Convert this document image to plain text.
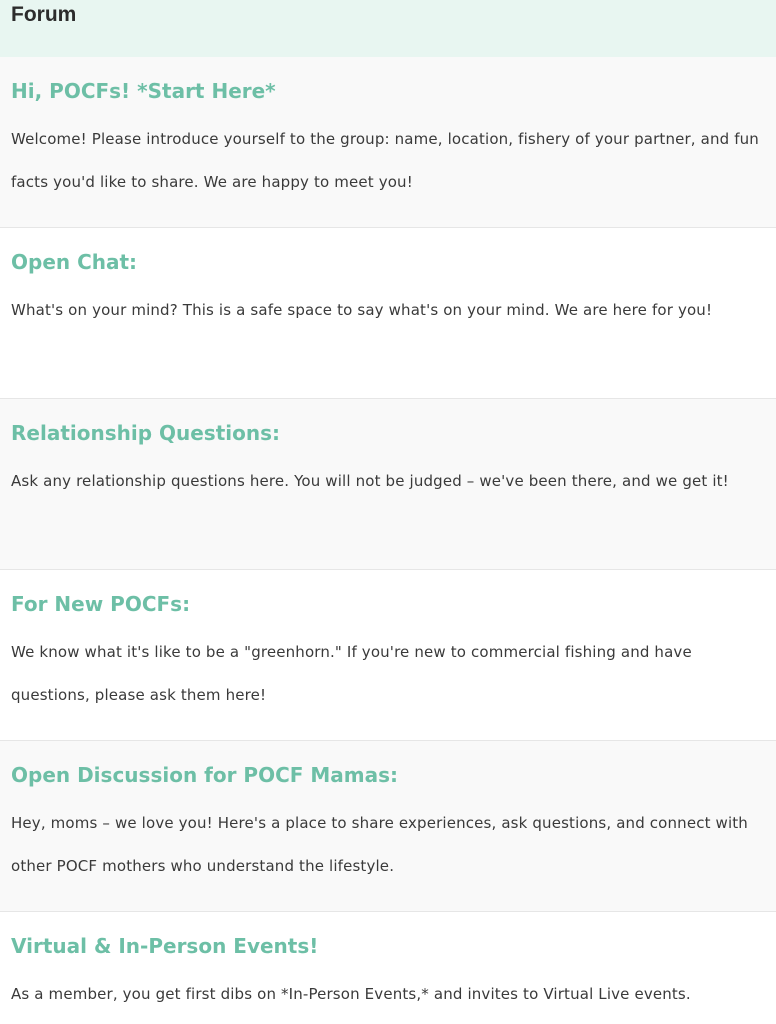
Forum
Hi, POCFs! *Start Here*
Welcome! Please introduce yourself to the group: name, location, fishery of your partner, and fun facts you'd like to share. We are happy to meet you!
Open Chat:
What's on your mind? This is a safe space to say what's on your mind. We are here for you!
Relationship Questions:
Ask any relationship questions here. You will not be judged – we've been there, and we get it!
For New POCFs:
We know what it's like to be a "greenhorn." If you're new to commercial fishing and have questions, please ask them here!
Open Discussion for POCF Mamas:
Hey, moms – we love you! Here's a place to share experiences, ask questions, and connect with other POCF mothers who understand the lifestyle.
Virtual & In-Person Events!
As a member, you get first dibs on *In-Person Events,* and invites to Virtual Live events.
